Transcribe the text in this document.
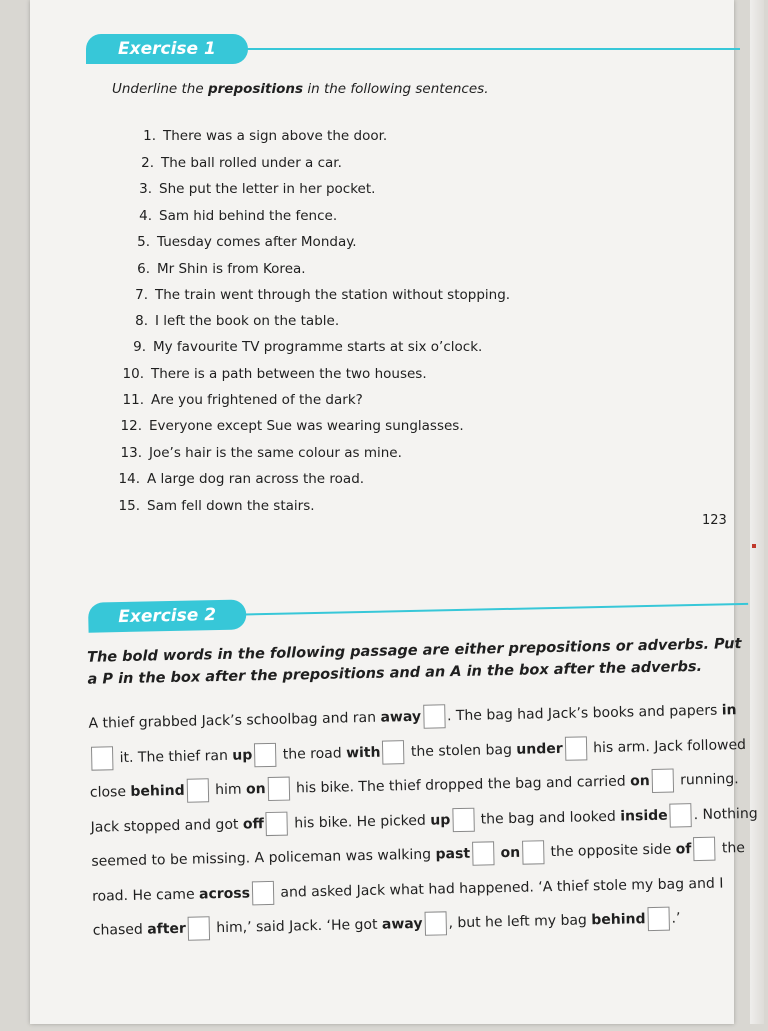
Exercise 1
Underline the prepositions in the following sentences.
1. There was a sign above the door.
2. The ball rolled under a car.
3. She put the letter in her pocket.
4. Sam hid behind the fence.
5. Tuesday comes after Monday.
6. Mr Shin is from Korea.
7. The train went through the station without stopping.
8. I left the book on the table.
9. My favourite TV programme starts at six o’clock.
10. There is a path between the two houses.
11. Are you frightened of the dark?
12. Everyone except Sue was wearing sunglasses.
13. Joe’s hair is the same colour as mine.
14. A large dog ran across the road.
15. Sam fell down the stairs.
123
Exercise 2
The bold words in the following passage are either prepositions or adverbs. Put a P in the box after the prepositions and an A in the box after the adverbs.
A thief grabbed Jack’s schoolbag and ran away . The bag had Jack’s books and papers in it. The thief ran up the road with the stolen bag under his arm. Jack followed close behind him on his bike. The thief dropped the bag and carried on running. Jack stopped and got off his bike. He picked up the bag and looked inside . Nothing seemed to be missing. A policeman was walking past on the opposite side of the road. He came across and asked Jack what had happened. ‘A thief stole my bag and I chased after him,’ said Jack. ‘He got away , but he left my bag behind .’
